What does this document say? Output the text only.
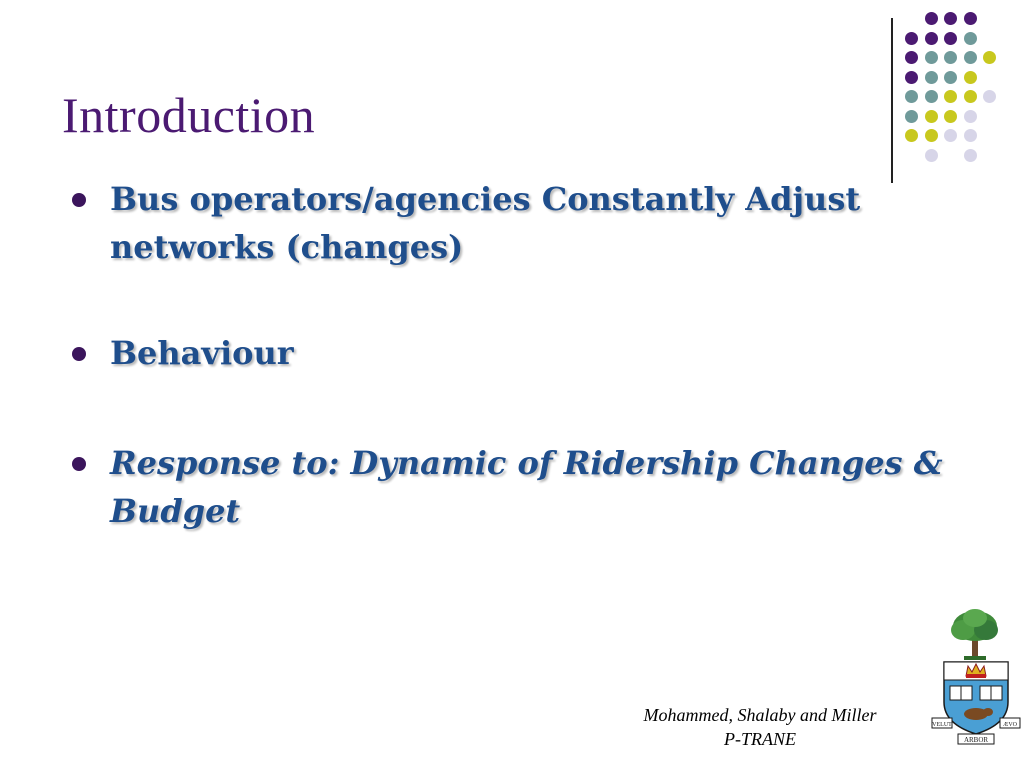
Introduction
Bus operators/agencies Constantly Adjust networks (changes)
Behaviour
Response to: Dynamic of Ridership Changes & Budget
Mohammed, Shalaby and Miller
P-TRANE
VELUT	ÆVO
ARBOR
